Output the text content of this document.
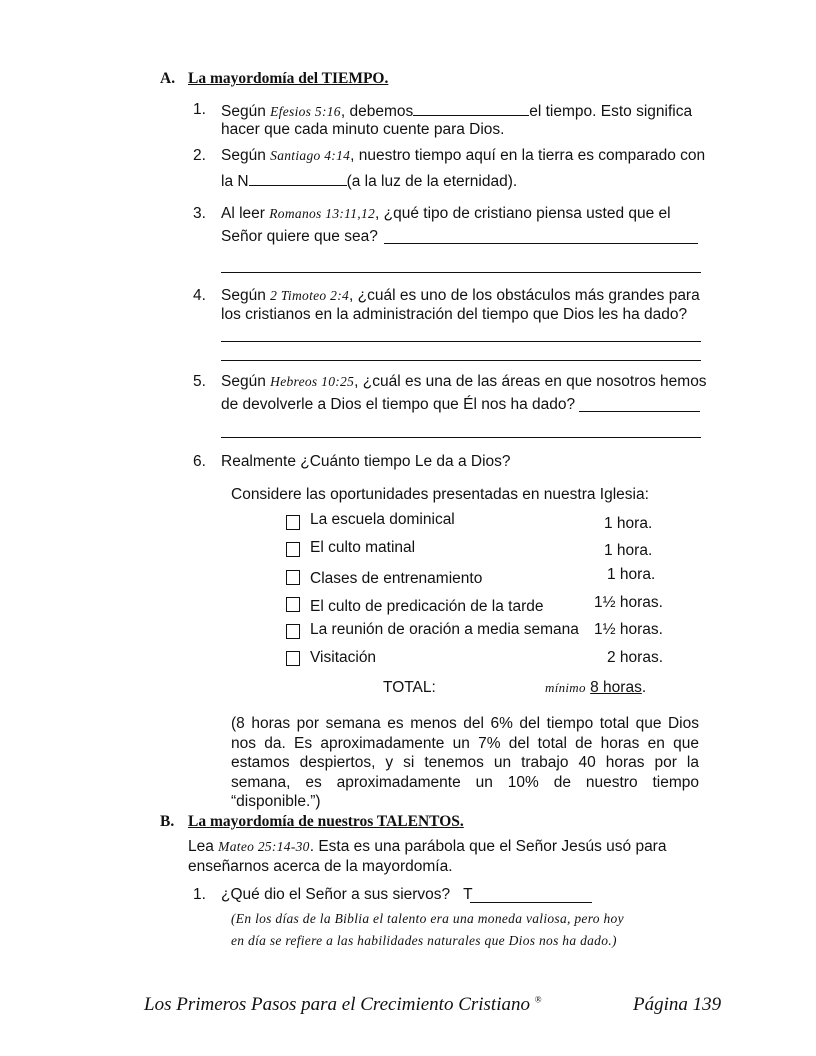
A. La mayordomía del TIEMPO.
1. Según Efesios 5:16, debemos	el tiempo. Esto significa
hacer que cada minuto cuente para Dios.
2. Según Santiago 4:14, nuestro tiempo aquí en la tierra es comparado con
la N	(a la luz de la eternidad).
3. Al leer Romanos 13:11,12, ¿qué tipo de cristiano piensa usted que el
Señor quiere que sea?
4. Según 2 Timoteo 2:4, ¿cuál es uno de los obstáculos más grandes para
los cristianos en la administración del tiempo que Dios les ha dado?
5. Según Hebreos 10:25, ¿cuál es una de las áreas en que nosotros hemos
de devolverle a Dios el tiempo que Él nos ha dado?
6. Realmente ¿Cuánto tiempo Le da a Dios?
Considere las oportunidades presentadas en nuestra Iglesia:
La escuela dominical	1 hora.
El culto matinal	1 hora.
Clases de entrenamiento	1 hora.
El culto de predicación de la tarde	1½ horas.
La reunión de oración a media semana 1½ horas.
Visitación	2 horas.
TOTAL:	mínimo 8 horas.
(8 horas por semana es menos del 6% del tiempo total que Dios nos da. Es aproximadamente un 7% del total de horas en que estamos despiertos, y si tenemos un trabajo 40 horas por la semana, es aproximadamente un 10% de nuestro tiempo “disponible.”)
B. La mayordomía de nuestros TALENTOS.
Lea Mateo 25:14-30. Esta es una parábola que el Señor Jesús usó para
enseñarnos acerca de la mayordomía.
1. ¿Qué dio el Señor a sus siervos? T
(En los días de la Biblia el talento era una moneda valiosa, pero hoy
en día se refiere a las habilidades naturales que Dios nos ha dado.)
Los Primeros Pasos para el Crecimiento Cristiano ®	Página 139
